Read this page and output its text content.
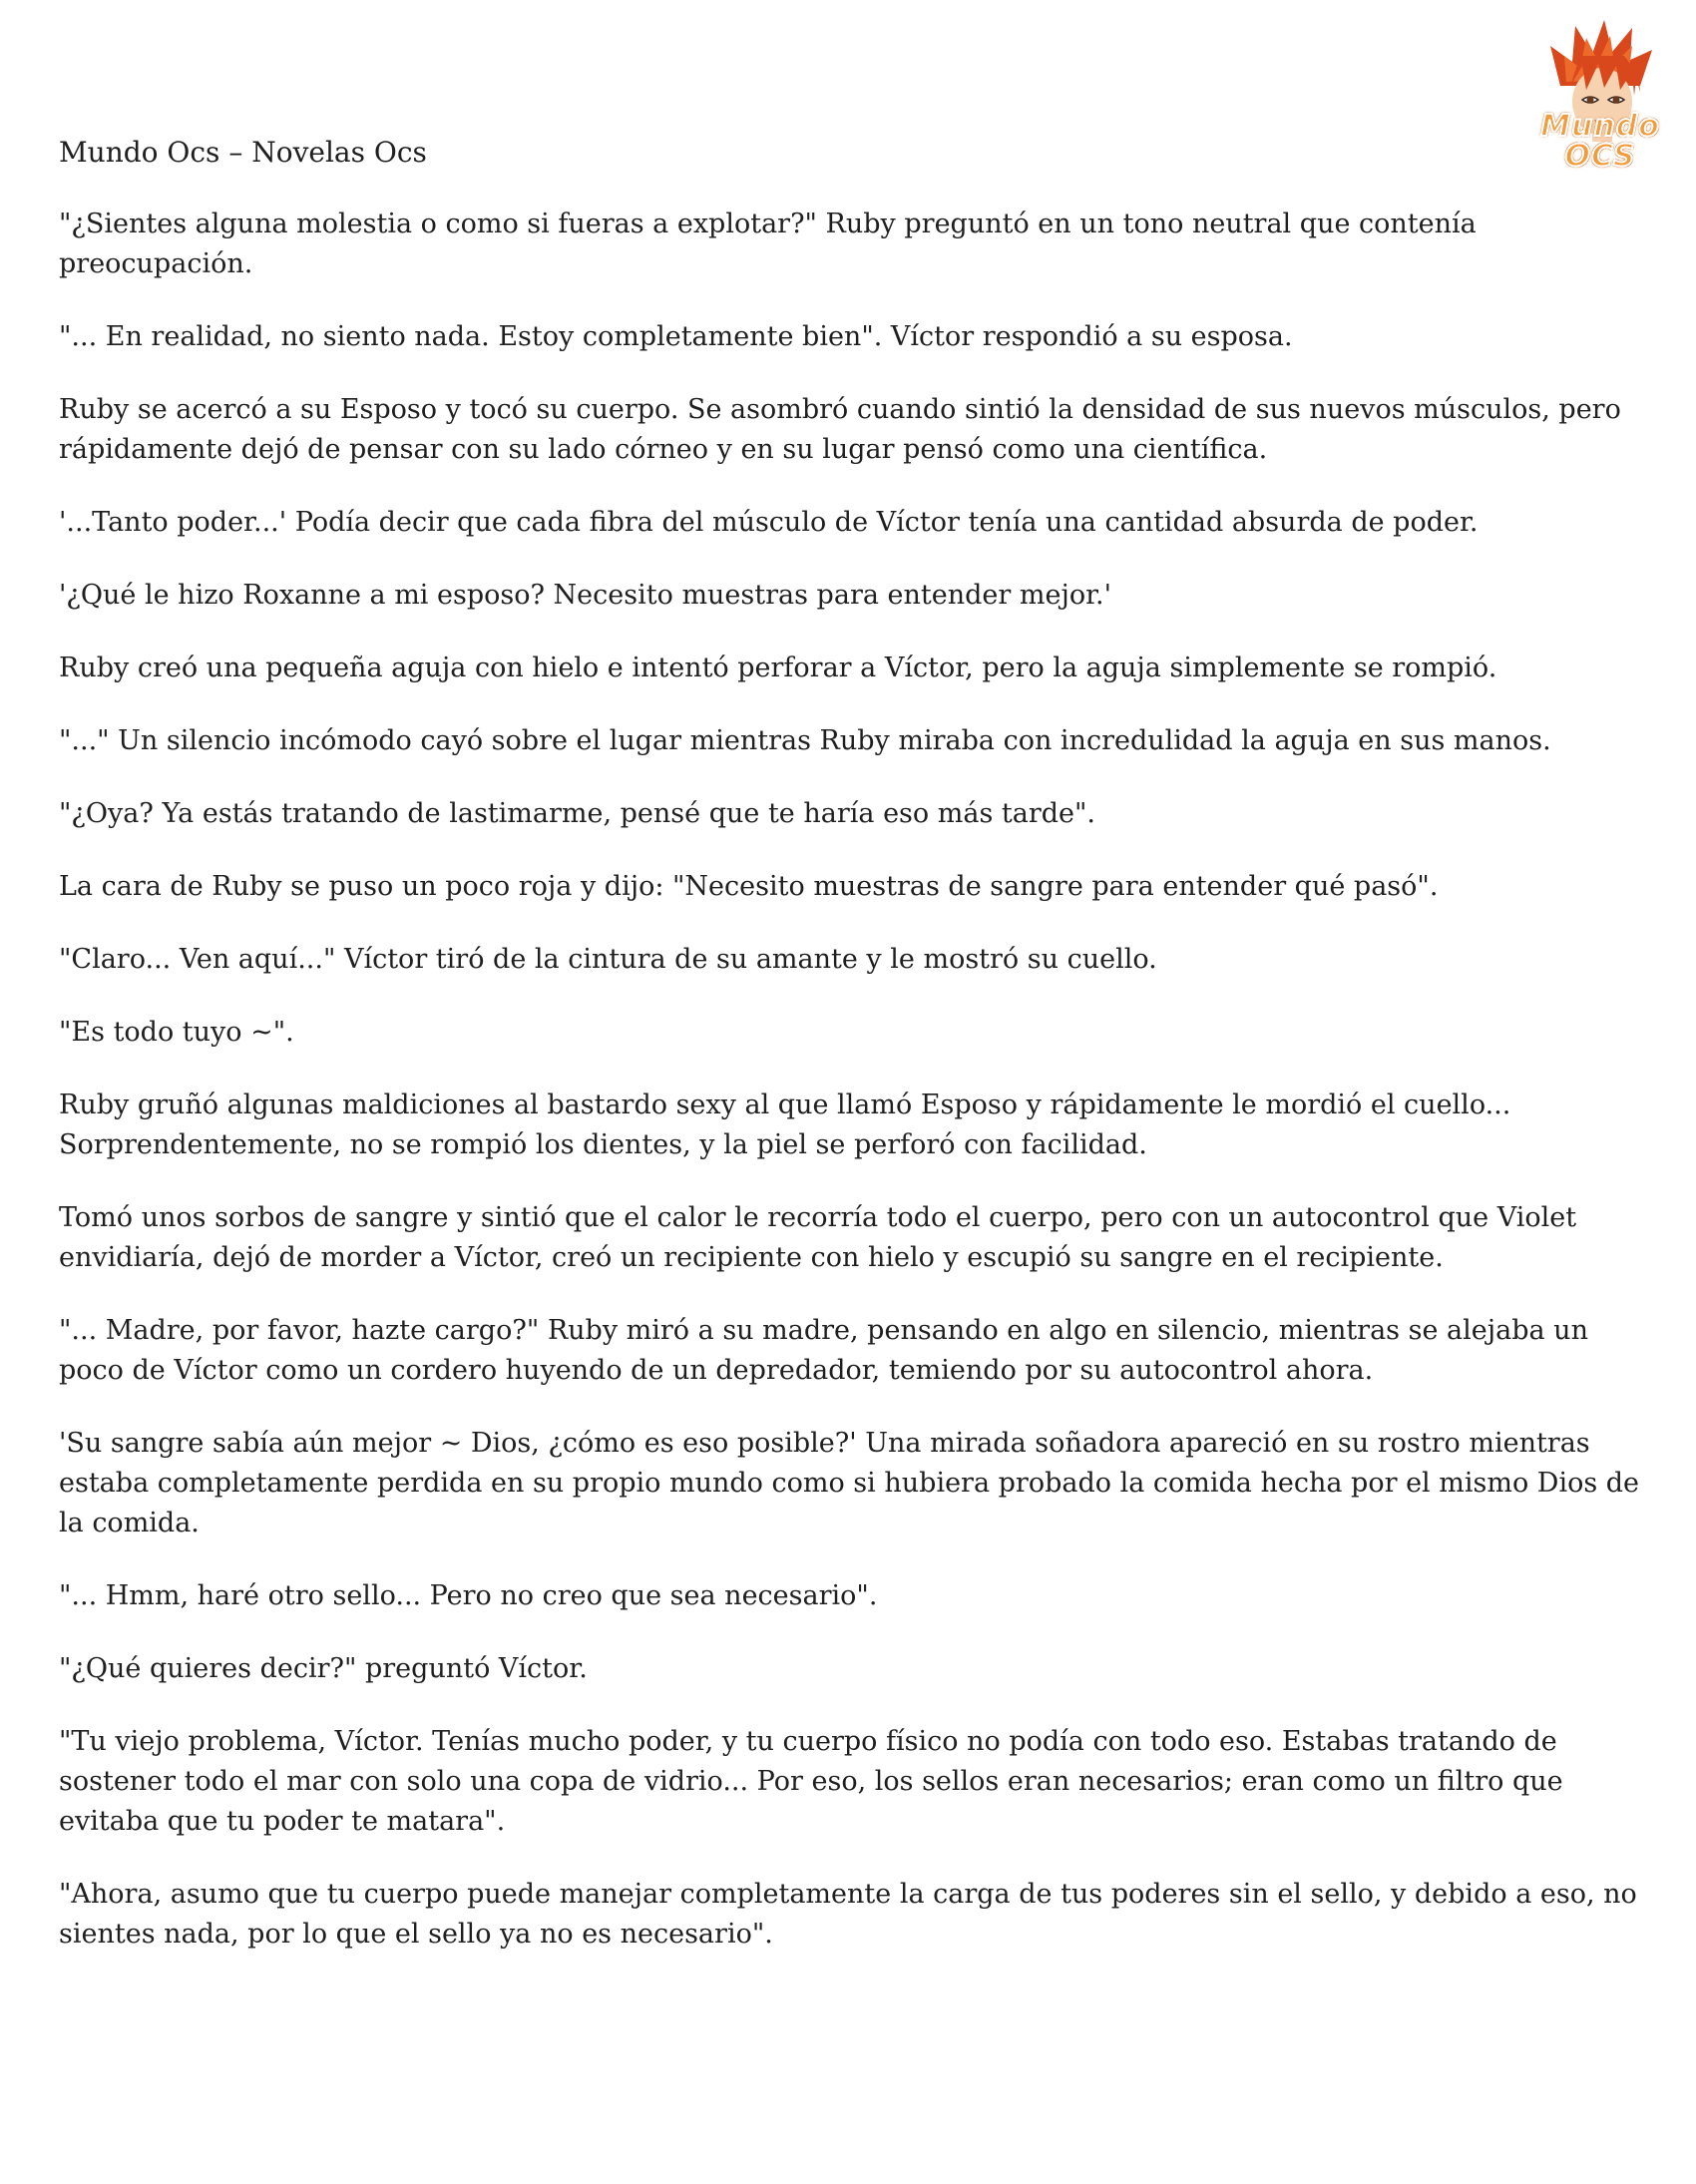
Mundo OCS
Mundo Ocs – Novelas Ocs

"¿Sientes alguna molestia o como si fueras a explotar?" Ruby preguntó en un tono neutral que contenía preocupación.

"... En realidad, no siento nada. Estoy completamente bien". Víctor respondió a su esposa.

Ruby se acercó a su Esposo y tocó su cuerpo. Se asombró cuando sintió la densidad de sus nuevos músculos, pero rápidamente dejó de pensar con su lado córneo y en su lugar pensó como una científica.

'...Tanto poder...' Podía decir que cada fibra del músculo de Víctor tenía una cantidad absurda de poder.

'¿Qué le hizo Roxanne a mi esposo? Necesito muestras para entender mejor.'

Ruby creó una pequeña aguja con hielo e intentó perforar a Víctor, pero la aguja simplemente se rompió.

"..." Un silencio incómodo cayó sobre el lugar mientras Ruby miraba con incredulidad la aguja en sus manos.

"¿Oya? Ya estás tratando de lastimarme, pensé que te haría eso más tarde".

La cara de Ruby se puso un poco roja y dijo: "Necesito muestras de sangre para entender qué pasó".

"Claro... Ven aquí..." Víctor tiró de la cintura de su amante y le mostró su cuello.

"Es todo tuyo ~".

Ruby gruñó algunas maldiciones al bastardo sexy al que llamó Esposo y rápidamente le mordió el cuello... Sorprendentemente, no se rompió los dientes, y la piel se perforó con facilidad.

Tomó unos sorbos de sangre y sintió que el calor le recorría todo el cuerpo, pero con un autocontrol que Violet envidiaría, dejó de morder a Víctor, creó un recipiente con hielo y escupió su sangre en el recipiente.

"... Madre, por favor, hazte cargo?" Ruby miró a su madre, pensando en algo en silencio, mientras se alejaba un poco de Víctor como un cordero huyendo de un depredador, temiendo por su autocontrol ahora.

'Su sangre sabía aún mejor ~ Dios, ¿cómo es eso posible?' Una mirada soñadora apareció en su rostro mientras estaba completamente perdida en su propio mundo como si hubiera probado la comida hecha por el mismo Dios de la comida.

"... Hmm, haré otro sello... Pero no creo que sea necesario".

"¿Qué quieres decir?" preguntó Víctor.

"Tu viejo problema, Víctor. Tenías mucho poder, y tu cuerpo físico no podía con todo eso. Estabas tratando de sostener todo el mar con solo una copa de vidrio... Por eso, los sellos eran necesarios; eran como un filtro que evitaba que tu poder te matara".

"Ahora, asumo que tu cuerpo puede manejar completamente la carga de tus poderes sin el sello, y debido a eso, no sientes nada, por lo que el sello ya no es necesario".
